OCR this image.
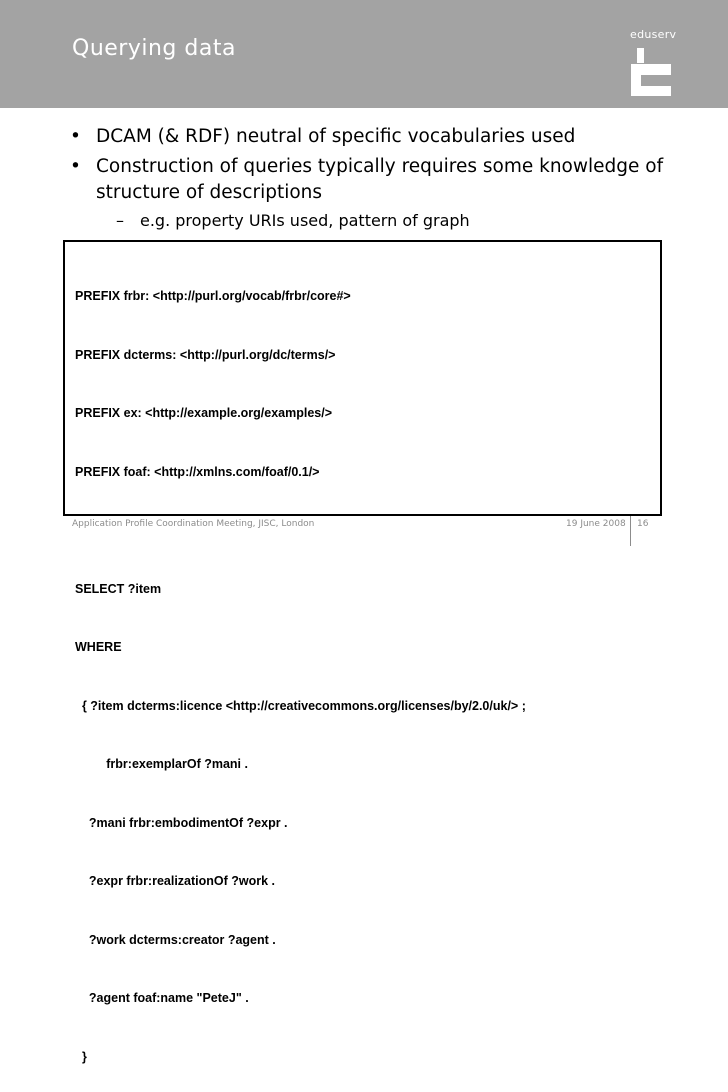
Querying data
eduserv
• DCAM (& RDF) neutral of specific vocabularies used
• Construction of queries typically requires some knowledge of structure of descriptions
– e.g. property URIs used, pattern of graph

PREFIX frbr: <http://purl.org/vocab/frbr/core#>

PREFIX dcterms: <http://purl.org/dc/terms/>

PREFIX ex: <http://example.org/examples/>

PREFIX foaf: <http://xmlns.com/foaf/0.1/>

SELECT ?item

WHERE

{ ?item dcterms:licence <http://creativecommons.org/licenses/by/2.0/uk/> ;

frbr:exemplarOf ?mani .

?mani frbr:embodimentOf ?expr .

?expr frbr:realizationOf ?work .

?work dcterms:creator ?agent .

?agent foaf:name "PeteJ" .

}

Application Profile Coordination Meeting, JISC, London	19 June 2008 16
